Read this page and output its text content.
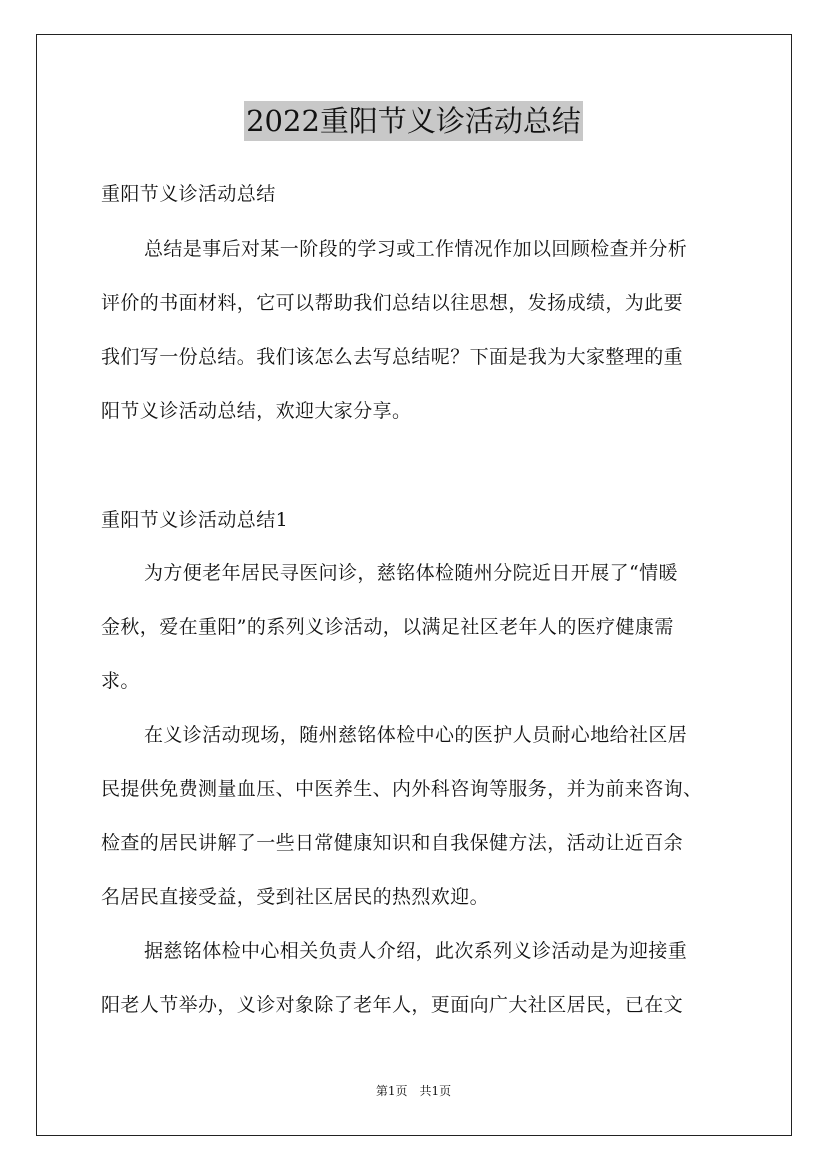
2022重阳节义诊活动总结
重阳节义诊活动总结
总结是事后对某一阶段的学习或工作情况作加以回顾检查并分析
评价的书面材料，它可以帮助我们总结以往思想，发扬成绩，为此要
我们写一份总结。我们该怎么去写总结呢？下面是我为大家整理的重
阳节义诊活动总结，欢迎大家分享。
重阳节义诊活动总结1
为方便老年居民寻医问诊，慈铭体检随州分院近日开展了“情暖
金秋，爱在重阳”的系列义诊活动，以满足社区老年人的医疗健康需
求。
在义诊活动现场，随州慈铭体检中心的医护人员耐心地给社区居
民提供免费测量血压、中医养生、内外科咨询等服务，并为前来咨询、
检查的居民讲解了一些日常健康知识和自我保健方法，活动让近百余
名居民直接受益，受到社区居民的热烈欢迎。
据慈铭体检中心相关负责人介绍，此次系列义诊活动是为迎接重
阳老人节举办，义诊对象除了老年人，更面向广大社区居民，已在文
第1页　共1页
